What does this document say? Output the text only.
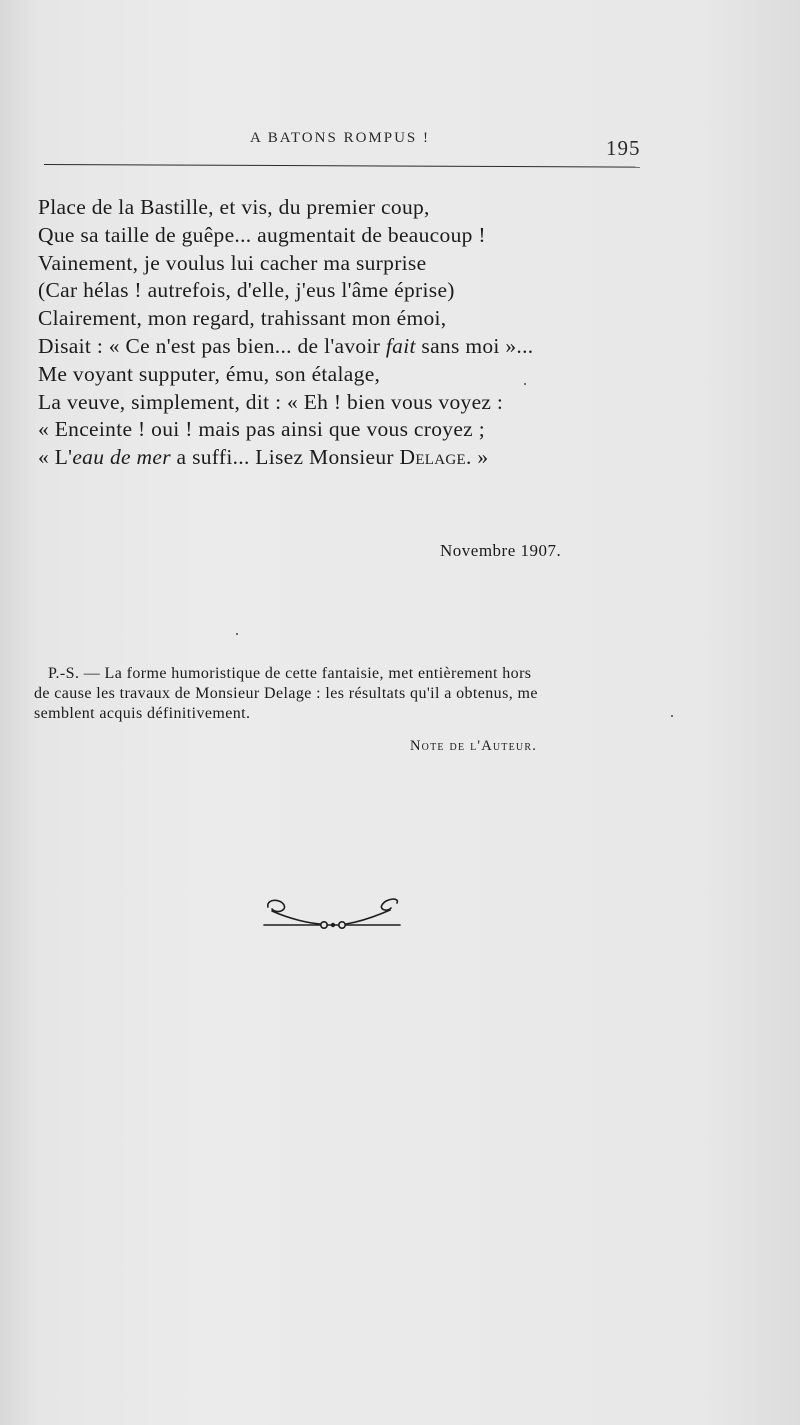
A BATONS ROMPUS !	195
Place de la Bastille, et vis, du premier coup,
Que sa taille de guêpe... augmentait de beaucoup !
Vainement, je voulus lui cacher ma surprise
(Car hélas ! autrefois, d'elle, j'eus l'âme éprise)
Clairement, mon regard, trahissant mon émoi,
Disait : « Ce n'est pas bien... de l'avoir fait sans moi »...
Me voyant supputer, ému, son étalage,
La veuve, simplement, dit : « Eh ! bien vous voyez :
« Enceinte ! oui ! mais pas ainsi que vous croyez ;
« L'eau de mer a suffi... Lisez Monsieur Delage. »
Novembre 1907.
P.-S. — La forme humoristique de cette fantaisie, met entièrement hors
de cause les travaux de Monsieur Delage : les résultats qu'il a obtenus, me
semblent acquis définitivement.
Note de l'Auteur.
